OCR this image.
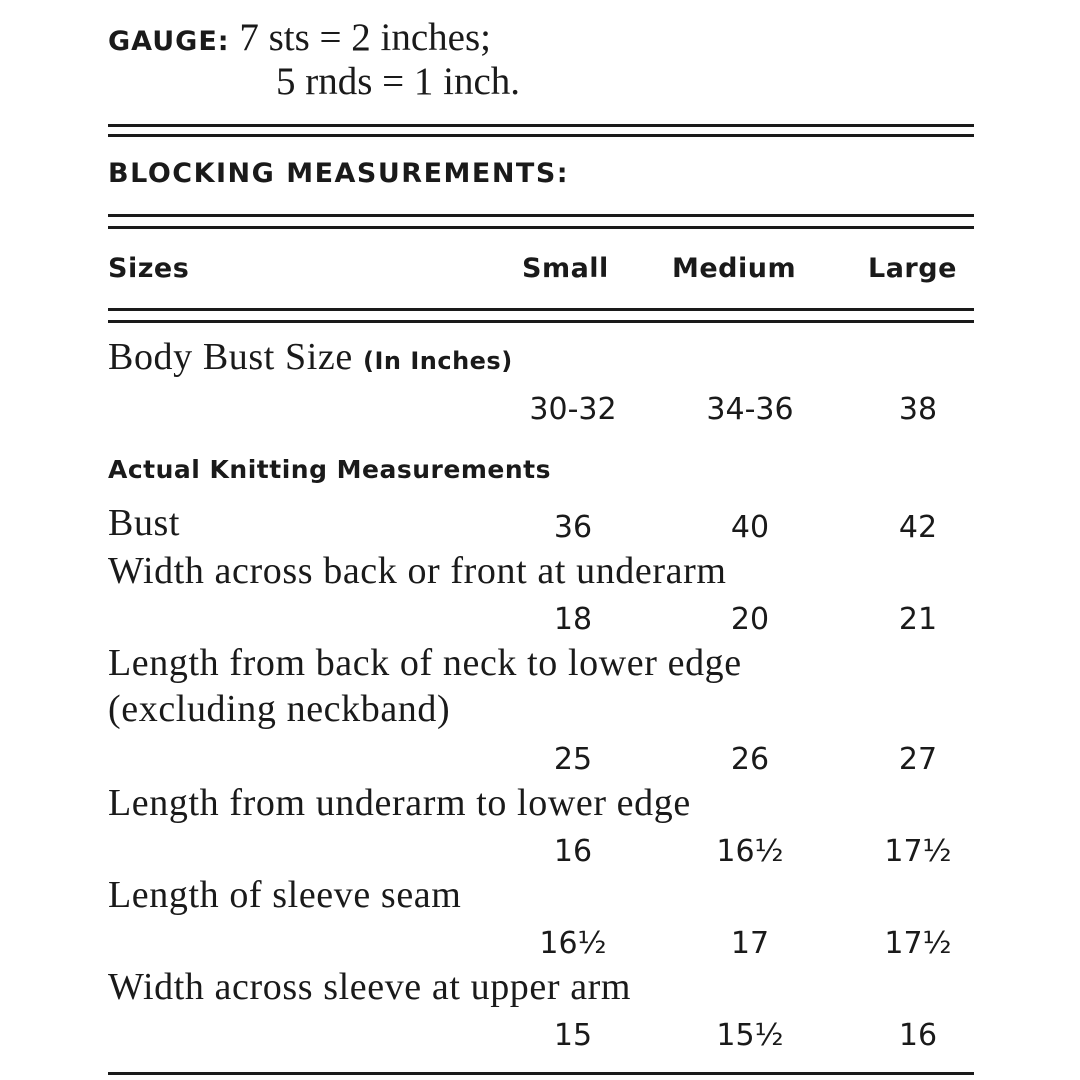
GAUGE: 7 sts = 2 inches;
5 rnds = 1 inch.
BLOCKING MEASUREMENTS:
Sizes	Small Medium	Large
Body Bust Size (In Inches)
30-32	34-36	38
Actual Knitting Measurements
Bust	36	40	42
Width across back or front at underarm
18	20	21
Length from back of neck to lower edge
(excluding neckband)
25	26	27
Length from underarm to lower edge
16	16½	17½
Length of sleeve seam
16½	17	17½
Width across sleeve at upper arm
15	15½	16
